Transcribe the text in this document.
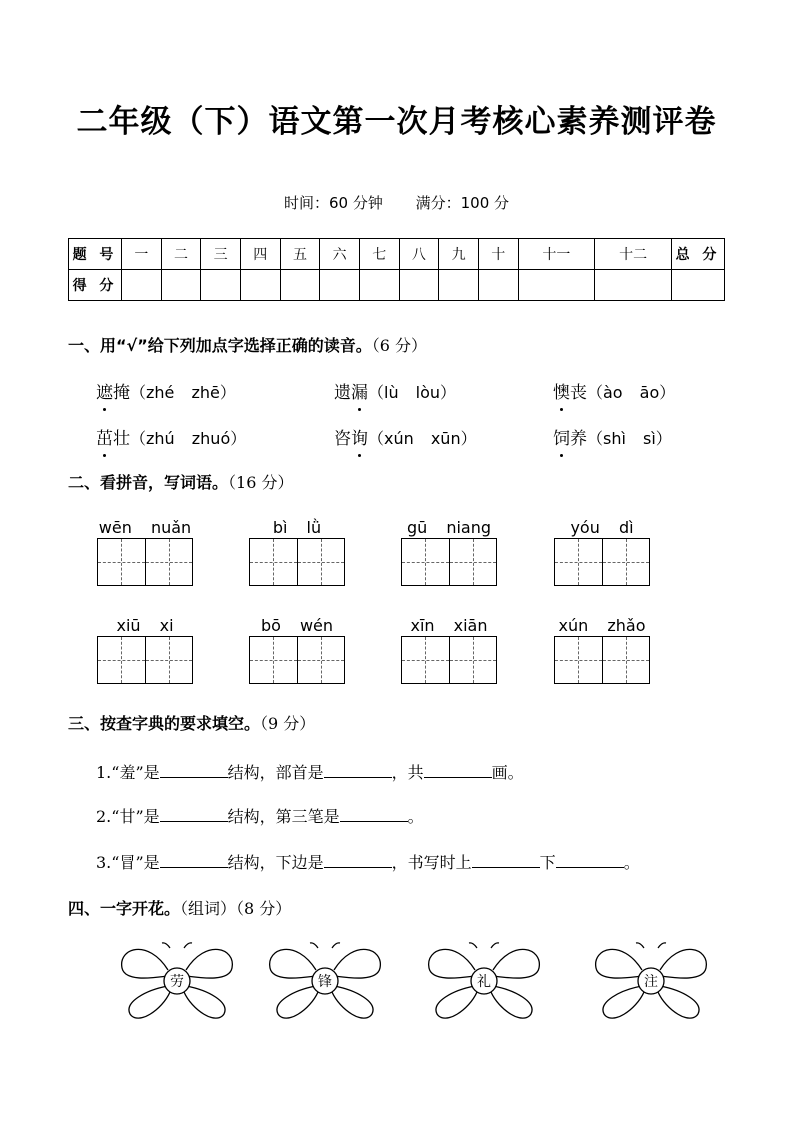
二年级（下）语文第一次月考核心素养测评卷
时间：60 分钟 满分：100 分
题 号	一	二	三	四	五	六	七	八	九	十	十一	十二	总 分
得 分													
一、用“√”给下列加点字选择正确的读音。（6 分）
遮掩（zhé zhē）	遗漏（lù lòu）	懊丧（ào āo）
茁壮（zhú zhuó）	咨询（xún xūn）	饲养（shì sì）
二、看拼音，写词语。（16 分）
wēn nuǎn	bì lǜ	gū niang	yóu dì
xiū xi	bō wén	xīn xiān	xún zhǎo
三、按查字典的要求填空。（9 分）
1.“羞”是	结构，部首是	，共	画。
2.“甘”是	结构，第三笔是	。
3.“冒”是	结构，下边是	，书写时上	下	。
四、一字开花。（组词）（8 分）
劳	锋	礼	注
